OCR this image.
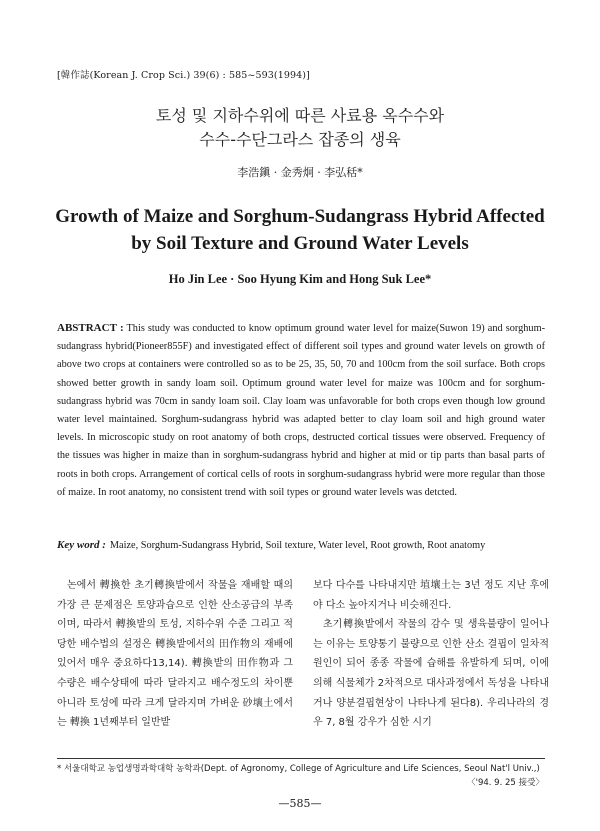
[韓作誌(Korean J. Crop Sci.) 39(6) : 585~593(1994)]
토성 및 지하수위에 따른 사료용 옥수수와
수수-수단그라스 잡종의 생육
李浩鎭 · 金秀炯 · 李弘秳*
Growth of Maize and Sorghum-Sudangrass Hybrid Affected
by Soil Texture and Ground Water Levels
Ho Jin Lee · Soo Hyung Kim and Hong Suk Lee*
ABSTRACT : This study was conducted to know optimum ground water level for maize(Suwon 19) and sorghum-sudangrass hybrid(Pioneer855F) and investigated effect of different soil types and ground water levels on growth of above two crops at containers were controlled so as to be 25, 35, 50, 70 and 100cm from the soil surface. Both crops showed better growth in sandy loam soil. Optimum ground water level for maize was 100cm and for sorghum-sudangrass hybrid was 70cm in sandy loam soil. Clay loam was unfavorable for both crops even though low ground water level maintained. Sorghum-sudangrass hybrid was adapted better to clay loam soil and high ground water levels. In microscopic study on root anatomy of both crops, destructed cortical tissues were observed. Frequency of the tissues was higher in maize than in sorghum-sudangrass hybrid and higher at mid or tip parts than basal parts of roots in both crops. Arrangement of cortical cells of roots in sorghum-sudangrass hybrid were more regular than those of maize. In root anatomy, no consistent trend with soil types or ground water levels was detcted.
Key word : Maize, Sorghum-Sudangrass Hybrid, Soil texture, Water level, Root growth, Root anatomy

논에서 轉換한 초기轉換밭에서 작물을 재배할 때의 가장 큰 문제점은 토양과습으로 인한 산소공급의 부족이며, 따라서 轉換밭의 토성, 지하수위 수준 그리고 적당한 배수법의 설정은 轉換밭에서의 田作物의 재배에 있어서 매우 중요하다13,14). 轉換밭의 田作物과 그 수량은 배수상태에 따라 달라지고 배수정도의 차이뿐 아니라 토성에 따라 크게 달라지며 가벼운 砂壤土에서는 轉換 1년째부터 일반밭

보다 다수를 나타내지만 埴壤土는 3년 정도 지난 후에야 다소 높아지거나 비슷해진다.

초기轉換밭에서 작물의 감수 및 생육불량이 일어나는 이유는 토양통기 불량으로 인한 산소 결핍이 일차적 원인이 되어 종종 작물에 습해를 유발하게 되며, 이에 의해 식물체가 2차적으로 대사과정에서 독성을 나타내거나 양분결핍현상이 나타나게 된다8). 우리나라의 경우 7, 8월 강우가 심한 시기

* 서울대학교 농업생명과학대학 농학과(Dept. of Agronomy, College of Agriculture and Life Sciences, Seoul Nat'l Univ.,)
〈'94. 9. 25 接受〉
—585—
